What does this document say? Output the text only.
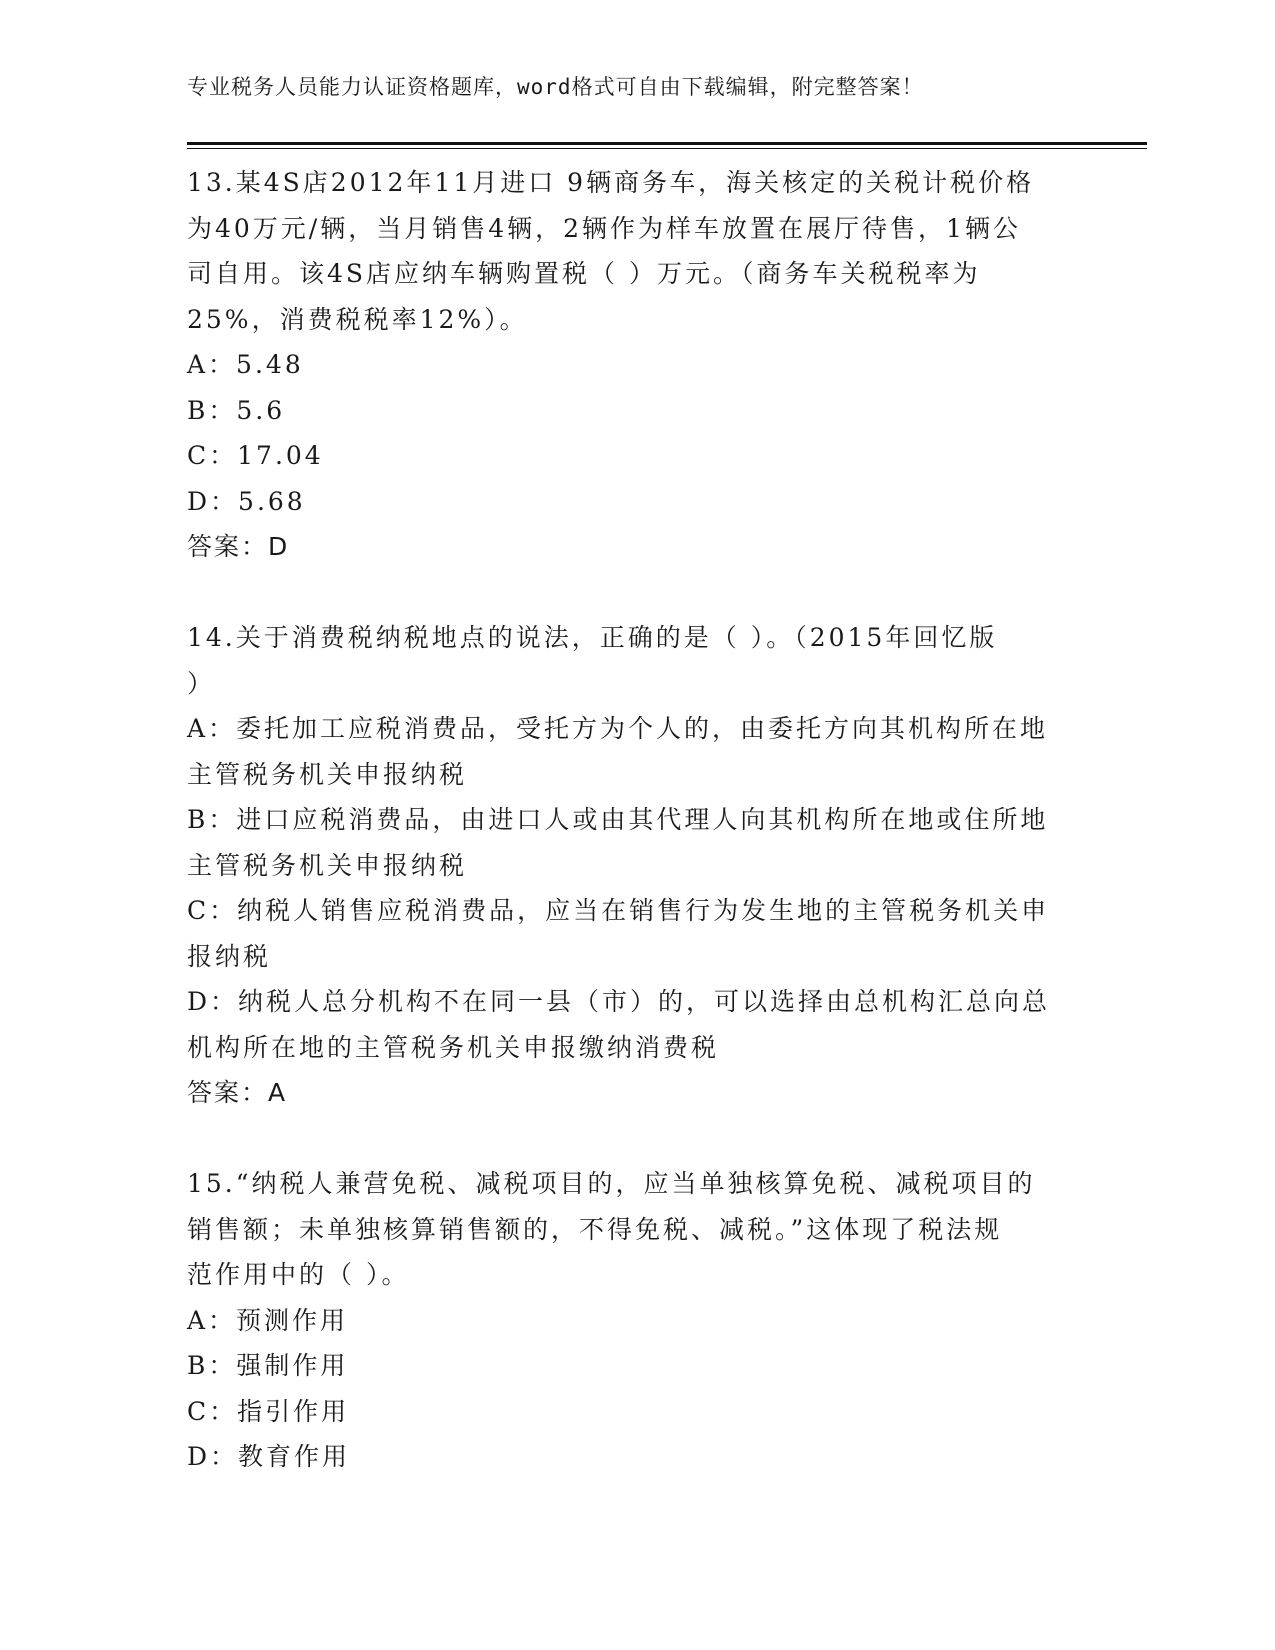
专业税务人员能力认证资格题库，word格式可自由下载编辑，附完整答案！
13.某4S店2012年11月进口 9辆商务车，海关核定的关税计税价格
为40万元/辆，当月销售4辆，2辆作为样车放置在展厅待售，1辆公
司自用。该4S店应纳车辆购置税（ ）万元。（商务车关税税率为
25%，消费税税率12%）。
A：5.48
B：5.6
C：17.04
D：5.68
答案：D
14.关于消费税纳税地点的说法，正确的是（ ）。（2015年回忆版
）
A：委托加工应税消费品，受托方为个人的，由委托方向其机构所在地
主管税务机关申报纳税
B：进口应税消费品，由进口人或由其代理人向其机构所在地或住所地
主管税务机关申报纳税
C：纳税人销售应税消费品，应当在销售行为发生地的主管税务机关申
报纳税
D：纳税人总分机构不在同一县（市）的，可以选择由总机构汇总向总
机构所在地的主管税务机关申报缴纳消费税
答案：A
15.“纳税人兼营免税、减税项目的，应当单独核算免税、减税项目的
销售额；未单独核算销售额的，不得免税、减税。”这体现了税法规
范作用中的（ ）。
A：预测作用
B：强制作用
C：指引作用
D：教育作用
